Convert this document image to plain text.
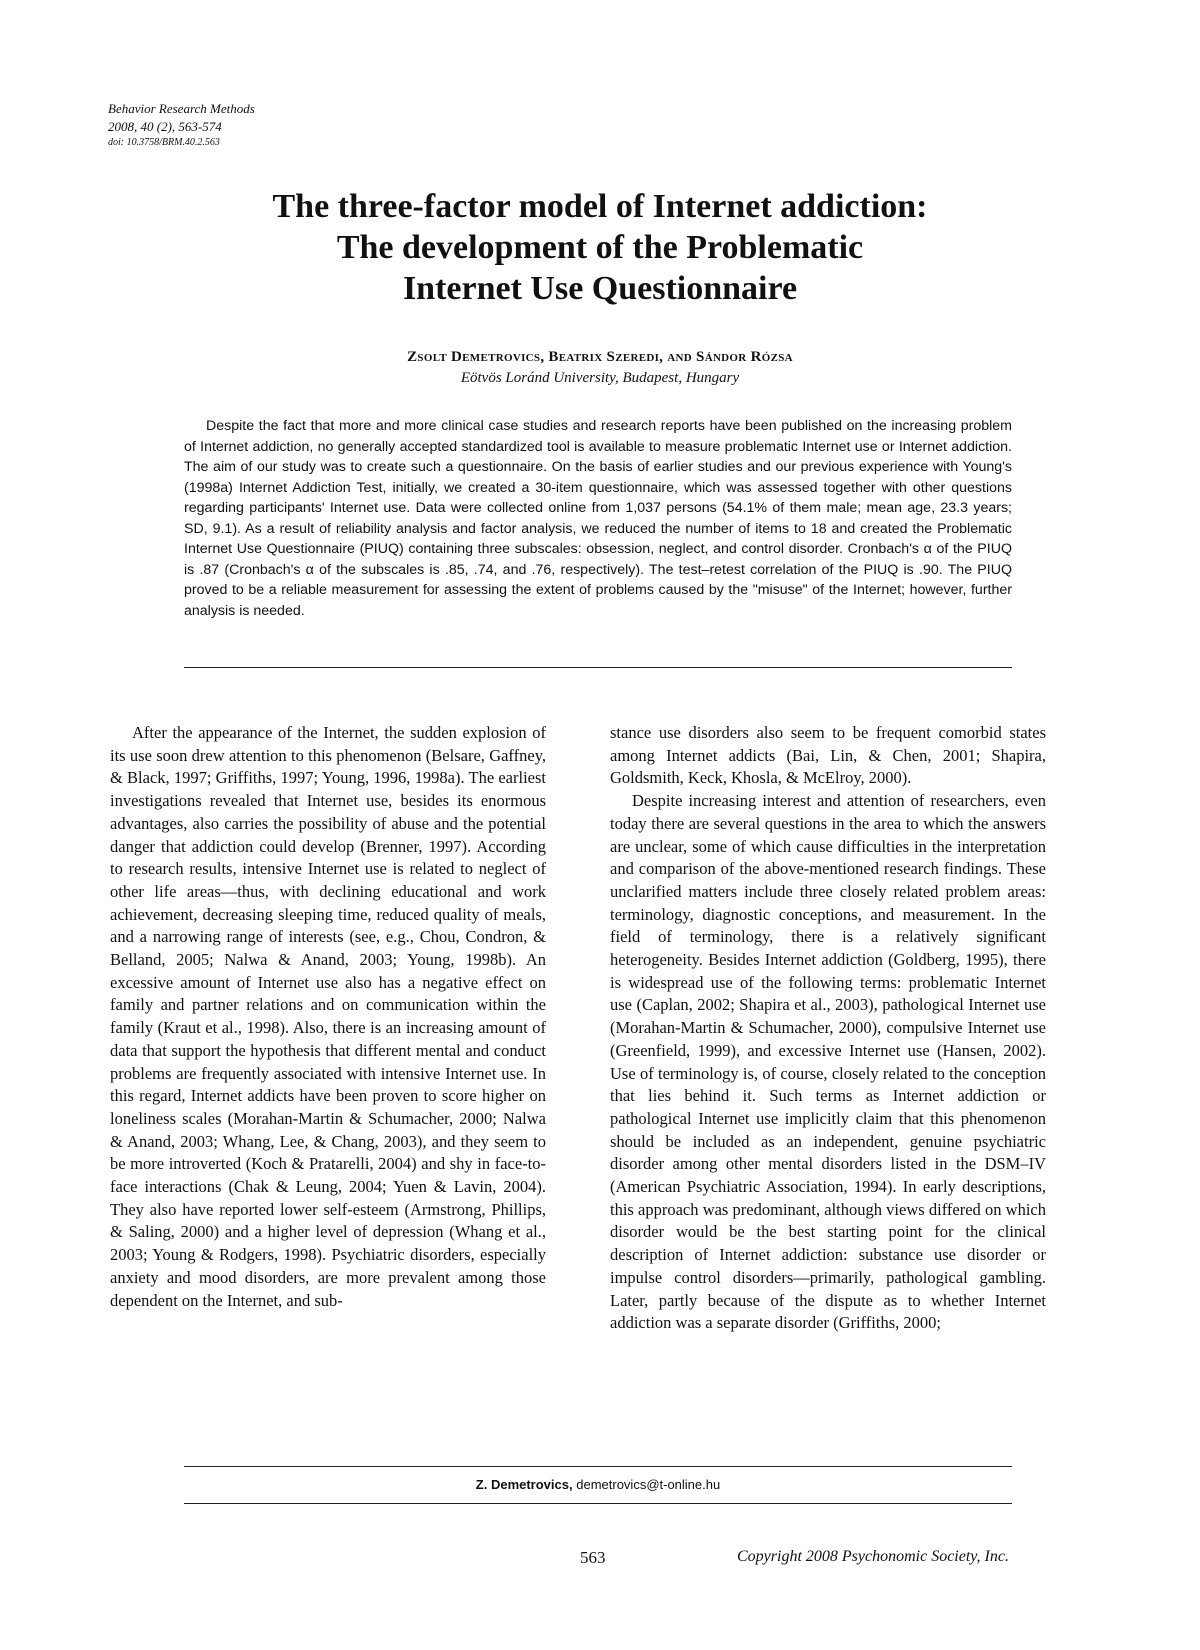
Behavior Research Methods
2008, 40 (2), 563-574
doi: 10.3758/BRM.40.2.563
The three-factor model of Internet addiction:
The development of the Problematic
Internet Use Questionnaire
Zsolt Demetrovics, Beatrix Szeredi, and Sándor Rózsa
Eötvös Loránd University, Budapest, Hungary

Despite the fact that more and more clinical case studies and research reports have been published on the increasing problem of Internet addiction, no generally accepted standardized tool is available to measure problematic Internet use or Internet addiction. The aim of our study was to create such a questionnaire. On the basis of earlier studies and our previous experience with Young's (1998a) Internet Addiction Test, initially, we created a 30-item questionnaire, which was assessed together with other questions regarding participants' Internet use. Data were collected online from 1,037 persons (54.1% of them male; mean age, 23.3 years; SD, 9.1). As a result of reliability analysis and factor analysis, we reduced the number of items to 18 and created the Problematic Internet Use Questionnaire (PIUQ) containing three subscales: obsession, neglect, and control disorder. Cronbach's α of the PIUQ is .87 (Cronbach's α of the subscales is .85, .74, and .76, respectively). The test–retest correlation of the PIUQ is .90. The PIUQ proved to be a reliable measurement for assessing the extent of problems caused by the "misuse" of the Internet; however, further analysis is needed.

After the appearance of the Internet, the sudden explosion of its use soon drew attention to this phenomenon (Belsare, Gaffney, & Black, 1997; Griffiths, 1997; Young, 1996, 1998a). The earliest investigations revealed that Internet use, besides its enormous advantages, also carries the possibility of abuse and the potential danger that addiction could develop (Brenner, 1997). According to research results, intensive Internet use is related to neglect of other life areas—thus, with declining educational and work achievement, decreasing sleeping time, reduced quality of meals, and a narrowing range of interests (see, e.g., Chou, Condron, & Belland, 2005; Nalwa & Anand, 2003; Young, 1998b). An excessive amount of Internet use also has a negative effect on family and partner relations and on communication within the family (Kraut et al., 1998). Also, there is an increasing amount of data that support the hypothesis that different mental and conduct problems are frequently associated with intensive Internet use. In this regard, Internet addicts have been proven to score higher on loneliness scales (Morahan-Martin & Schumacher, 2000; Nalwa & Anand, 2003; Whang, Lee, & Chang, 2003), and they seem to be more introverted (Koch & Pratarelli, 2004) and shy in face-to-face interactions (Chak & Leung, 2004; Yuen & Lavin, 2004). They also have reported lower self-esteem (Armstrong, Phillips, & Saling, 2000) and a higher level of depression (Whang et al., 2003; Young & Rodgers, 1998). Psychiatric disorders, especially anxiety and mood disorders, are more prevalent among those dependent on the Internet, and sub-

stance use disorders also seem to be frequent comorbid states among Internet addicts (Bai, Lin, & Chen, 2001; Shapira, Goldsmith, Keck, Khosla, & McElroy, 2000).

Despite increasing interest and attention of researchers, even today there are several questions in the area to which the answers are unclear, some of which cause difficulties in the interpretation and comparison of the above-mentioned research findings. These unclarified matters include three closely related problem areas: terminology, diagnostic conceptions, and measurement. In the field of terminology, there is a relatively significant heterogeneity. Besides Internet addiction (Goldberg, 1995), there is widespread use of the following terms: problematic Internet use (Caplan, 2002; Shapira et al., 2003), pathological Internet use (Morahan-Martin & Schumacher, 2000), compulsive Internet use (Greenfield, 1999), and excessive Internet use (Hansen, 2002). Use of terminology is, of course, closely related to the conception that lies behind it. Such terms as Internet addiction or pathological Internet use implicitly claim that this phenomenon should be included as an independent, genuine psychiatric disorder among other mental disorders listed in the DSM–IV (American Psychiatric Association, 1994). In early descriptions, this approach was predominant, although views differed on which disorder would be the best starting point for the clinical description of Internet addiction: substance use disorder or impulse control disorders—primarily, pathological gambling. Later, partly because of the dispute as to whether Internet addiction was a separate disorder (Griffiths, 2000;

Z. Demetrovics, demetrovics@t-online.hu
563	Copyright 2008 Psychonomic Society, Inc.
